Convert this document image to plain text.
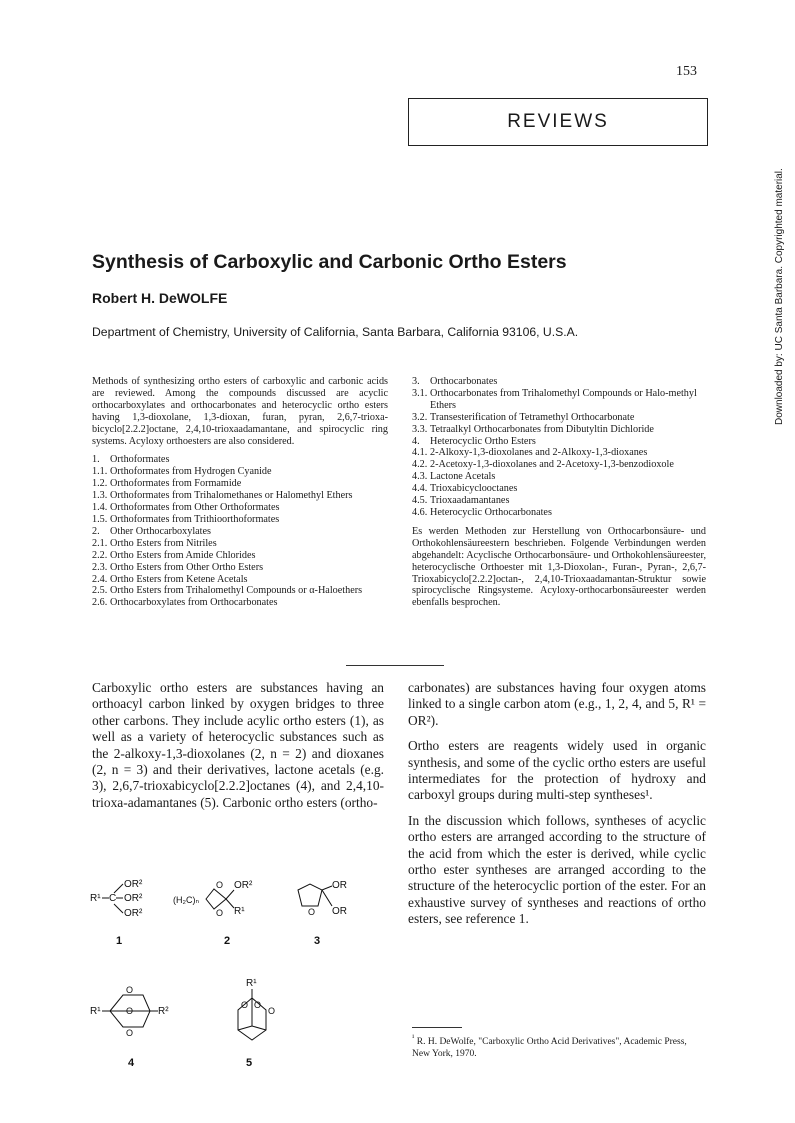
153
REVIEWS
Synthesis of Carboxylic and Carbonic Ortho Esters
Robert H. DeWOLFE
Department of Chemistry, University of California, Santa Barbara, California 93106, U.S.A.
Methods of synthesizing ortho esters of carboxylic and carbonic acids are reviewed. Among the compounds discussed are acyclic orthocarboxylates and orthocarbonates and heterocyclic ortho esters having 1,3-dioxolane, 1,3-dioxan, furan, pyran, 2,6,7-trioxa-bicyclo[2.2.2]octane, 2,4,10-trioxaadamantane, and spirocyclic ring systems. Acyloxy orthoesters are also considered.
1.	Orthoformates
1.1. Orthoformates from Hydrogen Cyanide
1.2. Orthoformates from Formamide
1.3. Orthoformates from Trihalomethanes or Halomethyl Ethers
1.4. Orthoformates from Other Orthoformates
1.5. Orthoformates from Trithioorthoformates
2.	Other Orthocarboxylates
2.1. Ortho Esters from Nitriles
2.2. Ortho Esters from Amide Chlorides
2.3. Ortho Esters from Other Ortho Esters
2.4. Ortho Esters from Ketene Acetals
2.5. Ortho Esters from Trihalomethyl Compounds or α-Haloethers
2.6. Orthocarboxylates from Orthocarbonates
3.	Orthocarbonates
3.1. Orthocarbonates from Trihalomethyl Compounds or Halo-methyl Ethers
3.2. Transesterification of Tetramethyl Orthocarbonate
3.3. Tetraalkyl Orthocarbonates from Dibutyltin Dichloride
4.	Heterocyclic Ortho Esters
4.1. 2-Alkoxy-1,3-dioxolanes and 2-Alkoxy-1,3-dioxanes
4.2. 2-Acetoxy-1,3-dioxolanes and 2-Acetoxy-1,3-benzodioxole
4.3. Lactone Acetals
4.4. Trioxabicyclooctanes
4.5. Trioxaadamantanes
4.6. Heterocyclic Orthocarbonates
Es werden Methoden zur Herstellung von Orthocarbonsäure- und Orthokohlensäureestern beschrieben. Folgende Verbindungen werden abgehandelt: Acyclische Orthocarbonsäure- und Orthokohlensäureester, heterocyclische Orthoester mit 1,3-Dioxolan-, Furan-, Pyran-, 2,6,7-Trioxabicyclo[2.2.2]octan-, 2,4,10-Trioxaadamantan-Struktur sowie spirocyclische Ringsysteme. Acyloxy-orthocarbonsäureester werden ebenfalls besprochen.
Downloaded by: UC Santa Barbara. Copyrighted material.

Carboxylic ortho esters are substances having an orthoacyl carbon linked by oxygen bridges to three other carbons. They include acylic ortho esters (1), as well as a variety of heterocyclic substances such as the 2-alkoxy-1,3-dioxolanes (2, n = 2) and dioxanes (2, n = 3) and their derivatives, lactone acetals (e.g. 3), 2,6,7-trioxabicyclo[2.2.2]octanes (4), and 2,4,10-trioxa-adamantanes (5). Carbonic ortho esters (ortho-

carbonates) are substances having four oxygen atoms linked to a single carbon atom (e.g., 1, 2, 4, and 5, R¹ = OR²).

Ortho esters are reagents widely used in organic synthesis, and some of the cyclic ortho esters are useful intermediates for the protection of hydroxy and carboxyl groups during multi-step syntheses¹.

In the discussion which follows, syntheses of acyclic ortho esters are arranged according to the structure of the acid from which the ester is derived, while cyclic ortho ester syntheses are arranged according to the structure of the heterocyclic portion of the ester. For an exhaustive survey of syntheses and reactions of ortho esters, see reference 1.

R¹ C
OR²
OR²
OR²
1
(H₂C)ₙ
O
O
OR²
R¹
2
O
OR
OR
3
R¹
O
O
O
R²
4
R¹
O O
O
5
$^{^1}$ R. H. DeWolfe, "Carboxylic Ortho Acid Derivatives", Academic Press, New York, 1970.
